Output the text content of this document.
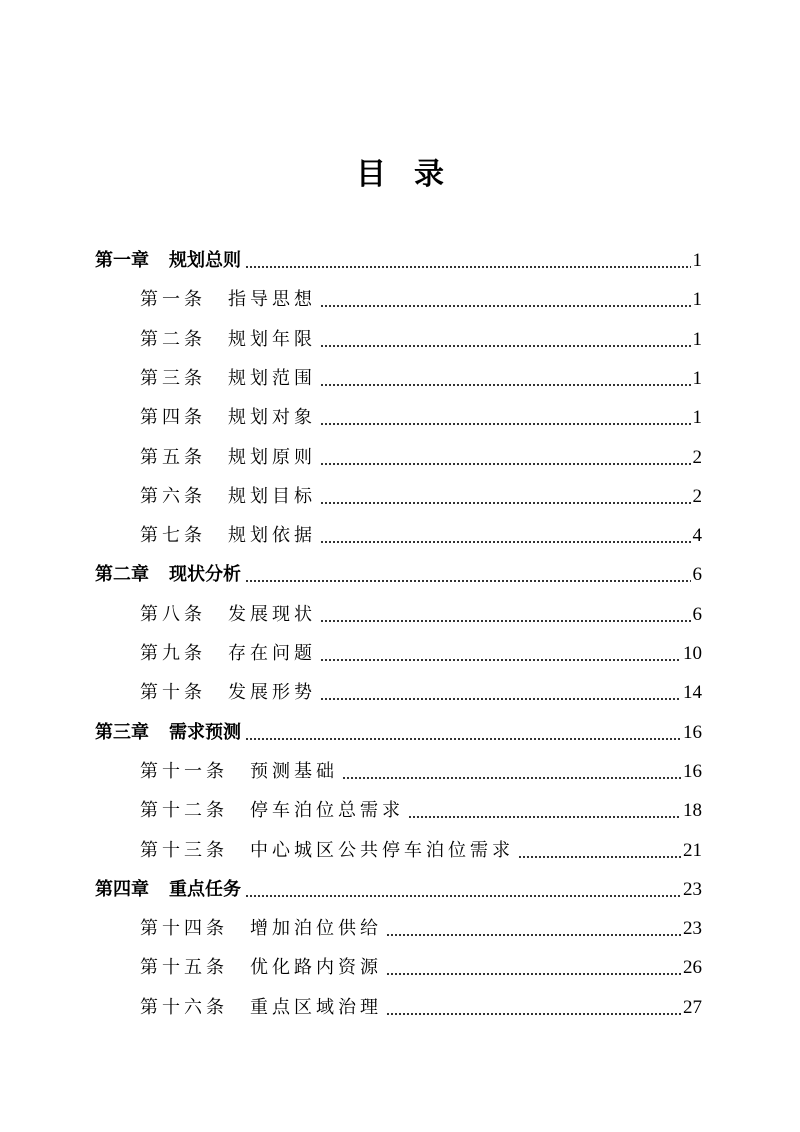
目录
第一章 规划总则	1
第一条 指导思想	1
第二条 规划年限	1
第三条 规划范围	1
第四条 规划对象	1
第五条 规划原则	2
第六条 规划目标	2
第七条 规划依据	4
第二章 现状分析	6
第八条 发展现状	6
第九条 存在问题	10
第十条 发展形势	14
第三章 需求预测	16
第十一条 预测基础	16
第十二条 停车泊位总需求	18
第十三条 中心城区公共停车泊位需求	21
第四章 重点任务	23
第十四条 增加泊位供给	23
第十五条 优化路内资源	26
第十六条 重点区域治理	27
